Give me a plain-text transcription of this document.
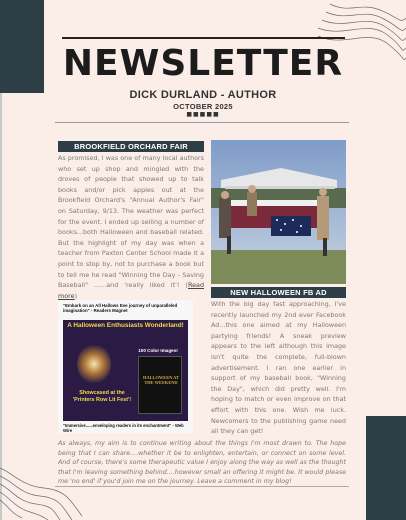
NEWSLETTER
DICK DURLAND - AUTHOR
OCTOBER 2025
■■■■■
BROOKFIELD ORCHARD FAIR
As promised, I was one of many local authors who set up shop and mingled with the droves of people that showed up to talk books and/or pick apples out at the Brookfield Orchard's "Annual Author's Fair" on Saturday, 9/13. The weather was perfect for the event. I ended up selling a number of books...both Halloween and baseball related. But the highlight of my day was when a teacher from Paxton Center School made it a point to stop by, not to purchase a book but to tell me he read "Winning the Day - Saving Baseball" ......and 'really liked it'! (Read more)	NEW HALLOWEEN FB AD
"Embark on an All Hallows Eve journey of unparalleled imagination" - Readers Magnet
A Halloween Enthusiasts Wonderland!
100 Color Images!
HALLOWEEN AT THE WEEKEND
Showcased at the 'Printers Row Lit Fest'!
"Immersive......enveloping readers in its enchantment" - Web Wire
With the big day fast approaching, I've recently launched my 2nd ever Facebook Ad...this one aimed at my Halloween partying friends! A sneak preview appears to the left although this image isn't quite the complete, full-blown advertisement. I ran one earlier in support of my baseball book, "Winning the Day", which did pretty well. I'm hoping to match or even improve on that effort with this one. Wish me luck. Newcomers to the publishing game need all they can get!
As always, my aim is to continue writing about the things I'm most drawn to. The hope being that I can share....whether it be to enlighten, entertain, or connect on some level. And of course, there's some therapeutic value I enjoy along the way as well as the thought that I'm leaving something behind....however small an offering it might be. It would please me 'no end' if you'd join me on the journey. Leave a comment in my blog!
